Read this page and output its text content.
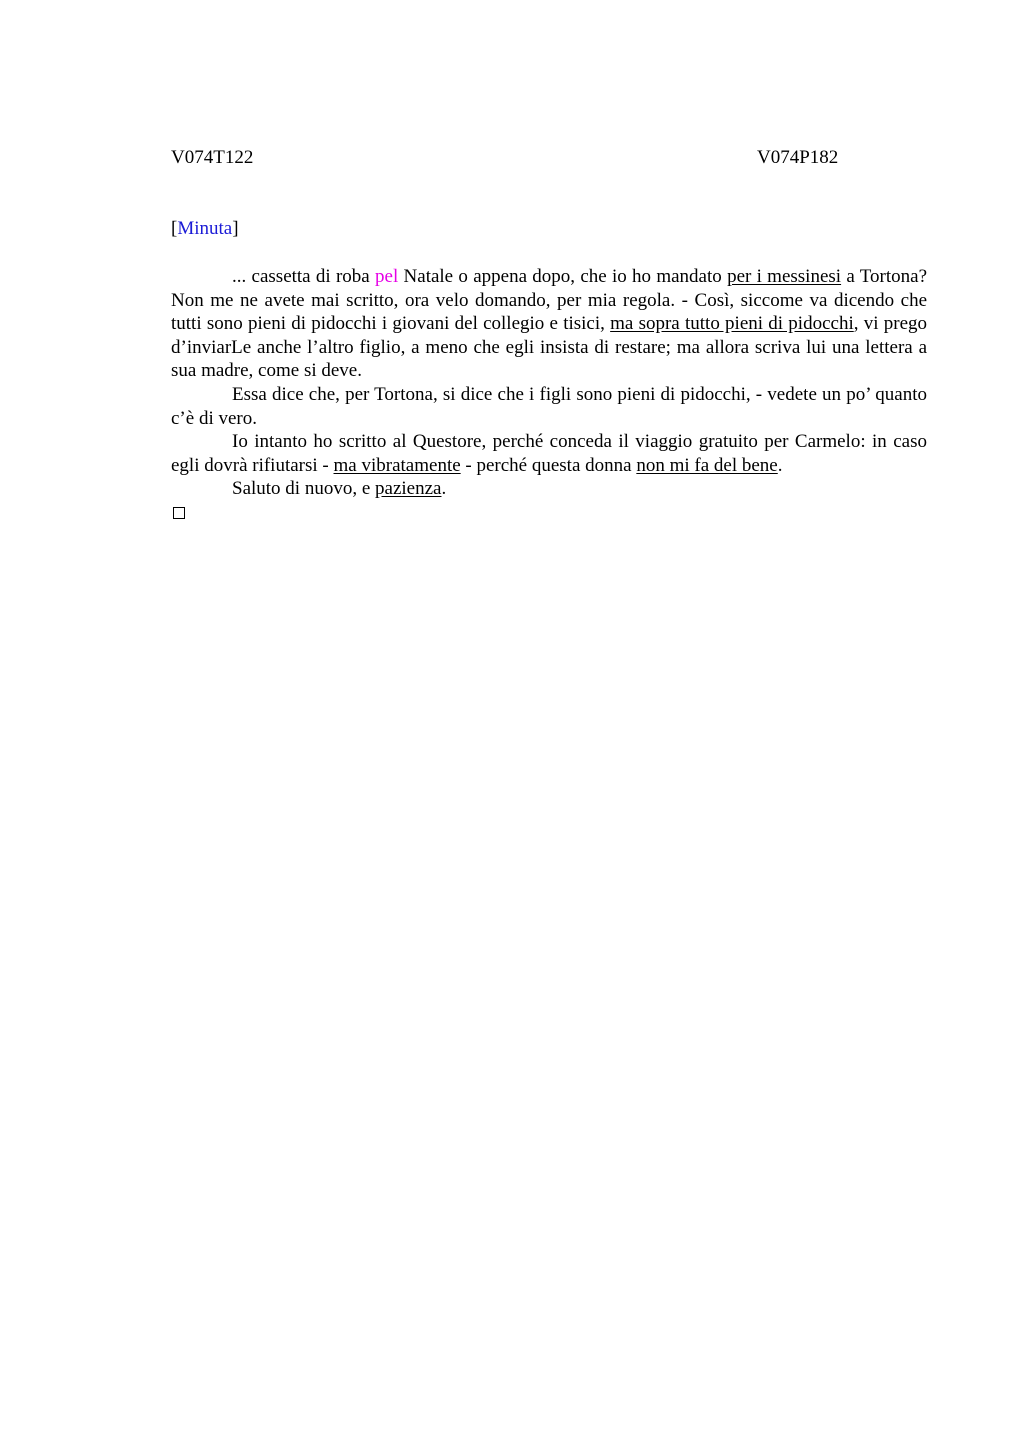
V074T122	V074P182
[Minuta]

... cassetta di roba pel Natale o appena dopo, che io ho mandato per i messinesi a Tortona? Non me ne avete mai scritto, ora velo domando, per mia regola. - Così, siccome va dicendo che tutti sono pieni di pidocchi i giovani del collegio e tisici, ma sopra tutto pieni di pidocchi, vi prego d’inviarLe anche l’altro figlio, a meno che egli insista di restare; ma allora scriva lui una lettera a sua madre, come si deve.

Essa dice che, per Tortona, si dice che i figli sono pieni di pidocchi, - vedete un po’ quanto c’è di vero.

Io intanto ho scritto al Questore, perché conceda il viaggio gratuito per Carmelo: in caso egli dovrà rifiutarsi - ma vibratamente - perché questa donna non mi fa del bene.

Saluto di nuovo, e pazienza.
